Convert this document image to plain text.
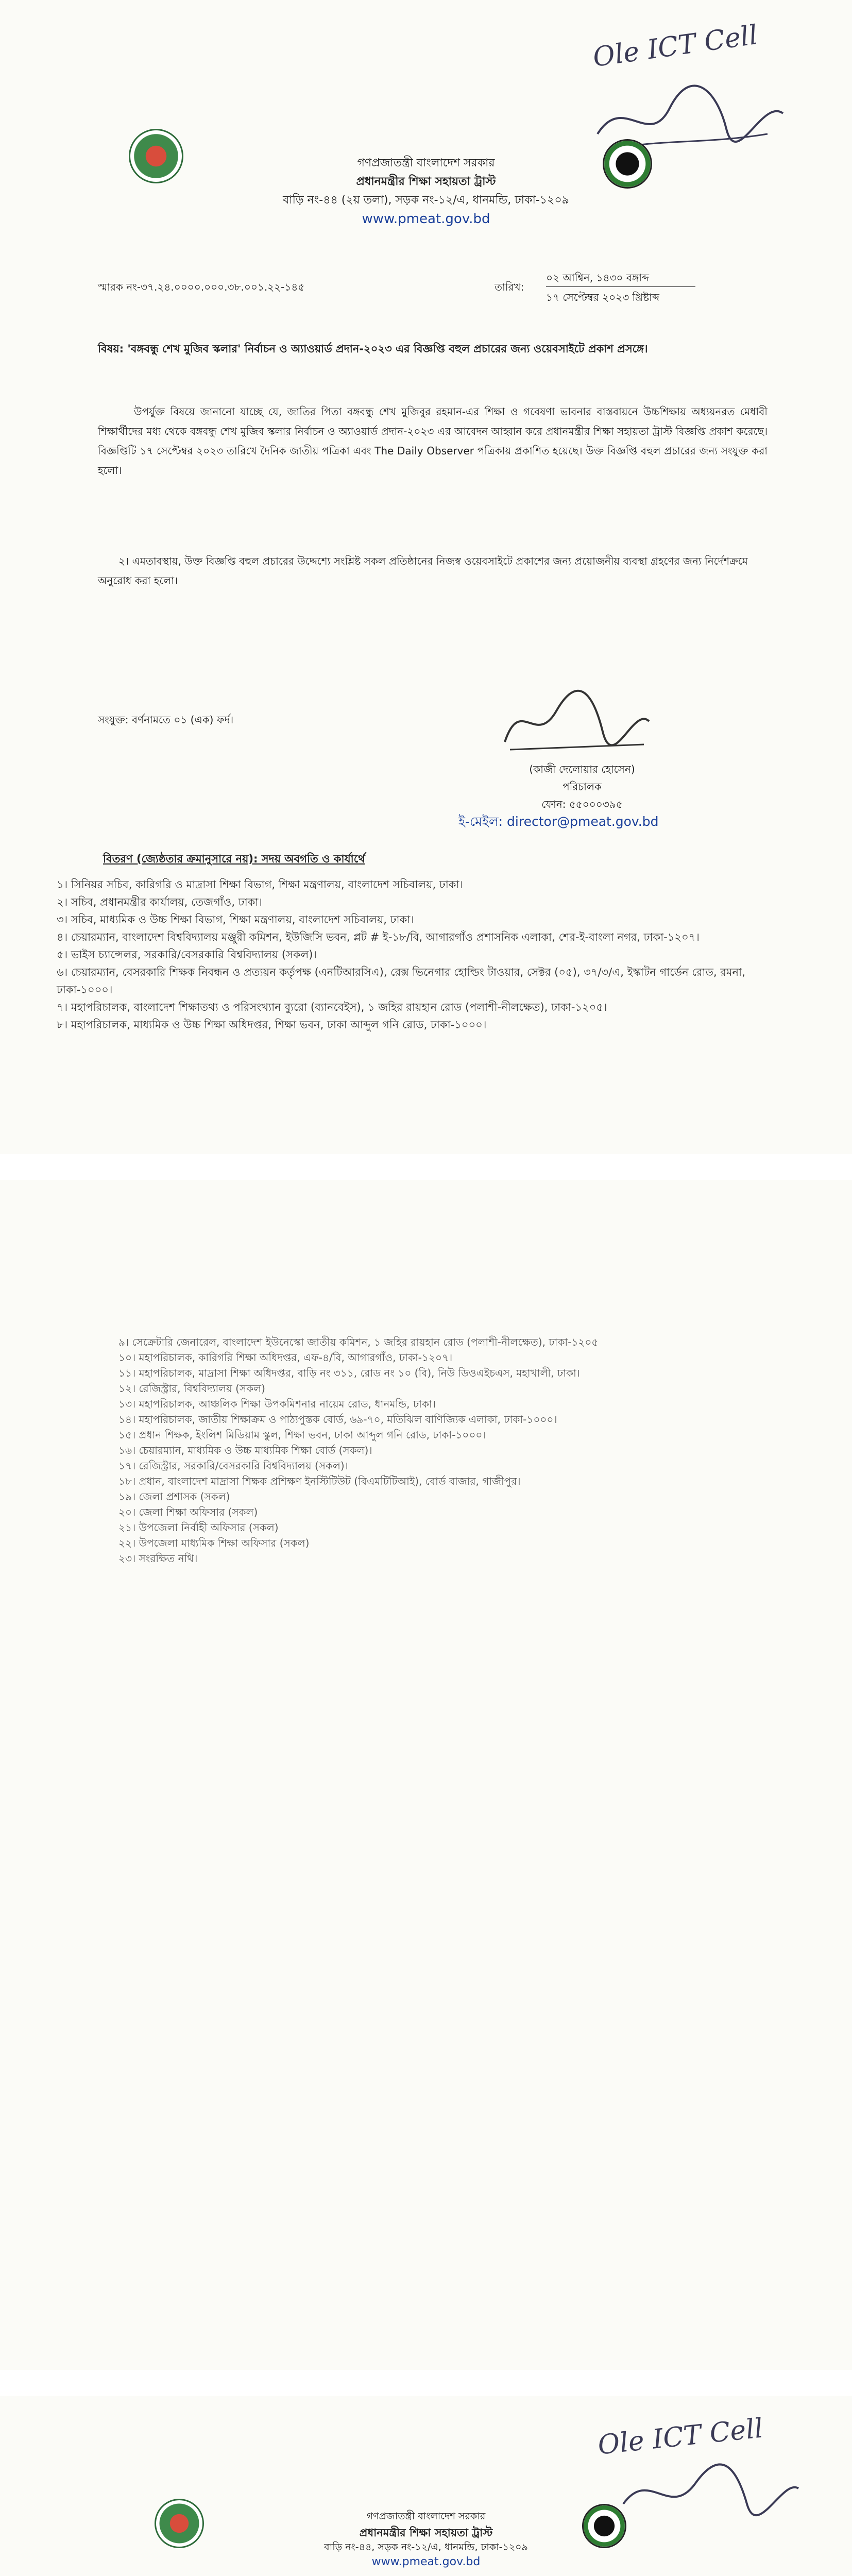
Ole ICT Cell
গণপ্রজাতন্ত্রী বাংলাদেশ সরকার
প্রধানমন্ত্রীর শিক্ষা সহায়তা ট্রাস্ট
বাড়ি নং-৪৪ (২য় তলা), সড়ক নং-১২/এ, ধানমন্ডি, ঢাকা-১২০৯
www.pmeat.gov.bd
স্মারক নং-৩৭.২৪.০০০০.০০০.৩৮.০০১.২২-১৪৫	তারিখ:
০২ আশ্বিন, ১৪৩০ বঙ্গাব্দ
১৭ সেপ্টেম্বর ২০২৩ খ্রিষ্টাব্দ
বিষয়: 'বঙ্গবন্ধু শেখ মুজিব স্কলার' নির্বাচন ও অ্যাওয়ার্ড প্রদান-২০২৩ এর বিজ্ঞপ্তি বহুল প্রচারের জন্য ওয়েবসাইটে প্রকাশ প্রসঙ্গে।
উপর্যুক্ত বিষয়ে জানানো যাচ্ছে যে, জাতির পিতা বঙ্গবন্ধু শেখ মুজিবুর রহমান-এর শিক্ষা ও গবেষণা ভাবনার বাস্তবায়নে উচ্চশিক্ষায় অধ্যয়নরত মেধাবী শিক্ষার্থীদের মধ্য থেকে বঙ্গবন্ধু শেখ মুজিব স্কলার নির্বাচন ও অ্যাওয়ার্ড প্রদান-২০২৩ এর আবেদন আহ্বান করে প্রধানমন্ত্রীর শিক্ষা সহায়তা ট্রাস্ট বিজ্ঞপ্তি প্রকাশ করেছে। বিজ্ঞপ্তিটি ১৭ সেপ্টেম্বর ২০২৩ তারিখে দৈনিক জাতীয় পত্রিকা এবং The Daily Observer পত্রিকায় প্রকাশিত হয়েছে। উক্ত বিজ্ঞপ্তি বহুল প্রচারের জন্য সংযুক্ত করা হলো।
২। এমতাবস্থায়, উক্ত বিজ্ঞপ্তি বহুল প্রচারের উদ্দেশ্যে সংশ্লিষ্ট সকল প্রতিষ্ঠানের নিজস্ব ওয়েবসাইটে প্রকাশের জন্য প্রয়োজনীয় ব্যবস্থা গ্রহণের জন্য নির্দেশক্রমে অনুরোধ করা হলো।
সংযুক্ত: বর্ণনামতে ০১ (এক) ফর্দ।
(কাজী দেলোয়ার হোসেন)
পরিচালক
ফোন: ৫৫০০০৩৯৫
ই-মেইল: director@pmeat.gov.bd
বিতরণ (জ্যেষ্ঠতার ক্রমানুসারে নয়): সদয় অবগতি ও কার্যার্থে
১। সিনিয়র সচিব, কারিগরি ও মাদ্রাসা শিক্ষা বিভাগ, শিক্ষা মন্ত্রণালয়, বাংলাদেশ সচিবালয়, ঢাকা।
২। সচিব, প্রধানমন্ত্রীর কার্যালয়, তেজগাঁও, ঢাকা।
৩। সচিব, মাধ্যমিক ও উচ্চ শিক্ষা বিভাগ, শিক্ষা মন্ত্রণালয়, বাংলাদেশ সচিবালয়, ঢাকা।
৪। চেয়ারম্যান, বাংলাদেশ বিশ্ববিদ্যালয় মঞ্জুরী কমিশন, ইউজিসি ভবন, প্লট # ই-১৮/বি, আগারগাঁও প্রশাসনিক এলাকা, শের-ই-বাংলা নগর, ঢাকা-১২০৭।
৫। ভাইস চ্যান্সেলর, সরকারি/বেসরকারি বিশ্ববিদ্যালয় (সকল)।
৬। চেয়ারম্যান, বেসরকারি শিক্ষক নিবন্ধন ও প্রত্যয়ন কর্তৃপক্ষ (এনটিআরসিএ), রেক্স ভিনেগার হোল্ডিং টাওয়ার, সেক্টর (০৫), ৩৭/৩/এ, ইস্কাটন গার্ডেন রোড, রমনা, ঢাকা-১০০০।
৭। মহাপরিচালক, বাংলাদেশ শিক্ষাতথ্য ও পরিসংখ্যান ব্যুরো (ব্যানবেইস), ১ জহির রায়হান রোড (পলাশী-নীলক্ষেত), ঢাকা-১২০৫।
৮। মহাপরিচালক, মাধ্যমিক ও উচ্চ শিক্ষা অধিদপ্তর, শিক্ষা ভবন, ঢাকা আব্দুল গনি রোড, ঢাকা-১০০০।
৯। সেক্রেটারি জেনারেল, বাংলাদেশ ইউনেস্কো জাতীয় কমিশন, ১ জহির রায়হান রোড (পলাশী-নীলক্ষেত), ঢাকা-১২০৫
১০। মহাপরিচালক, কারিগরি শিক্ষা অধিদপ্তর, এফ-৪/বি, আগারগাঁও, ঢাকা-১২০৭।
১১। মহাপরিচালক, মাদ্রাসা শিক্ষা অধিদপ্তর, বাড়ি নং ৩১১, রোড নং ১০ (বি), নিউ ডিওএইচএস, মহাখালী, ঢাকা।
১২। রেজিস্ট্রার, বিশ্ববিদ্যালয় (সকল)
১৩। মহাপরিচালক, আঞ্চলিক শিক্ষা উপকমিশনার নায়েম রোড, ধানমন্ডি, ঢাকা।
১৪। মহাপরিচালক, জাতীয় শিক্ষাক্রম ও পাঠ্যপুস্তক বোর্ড, ৬৯-৭০, মতিঝিল বাণিজ্যিক এলাকা, ঢাকা-১০০০।
১৫। প্রধান শিক্ষক, ইংলিশ মিডিয়াম স্কুল, শিক্ষা ভবন, ঢাকা আব্দুল গনি রোড, ঢাকা-১০০০।
১৬। চেয়ারম্যান, মাধ্যমিক ও উচ্চ মাধ্যমিক শিক্ষা বোর্ড (সকল)।
১৭। রেজিস্ট্রার, সরকারি/বেসরকারি বিশ্ববিদ্যালয় (সকল)।
১৮। প্রধান, বাংলাদেশ মাদ্রাসা শিক্ষক প্রশিক্ষণ ইনস্টিটিউট (বিএমটিটিআই), বোর্ড বাজার, গাজীপুর।
১৯। জেলা প্রশাসক (সকল)
২০। জেলা শিক্ষা অফিসার (সকল)
২১। উপজেলা নির্বাহী অফিসার (সকল)
২২। উপজেলা মাধ্যমিক শিক্ষা অফিসার (সকল)
২৩। সংরক্ষিত নথি।
Ole ICT Cell
গণপ্রজাতন্ত্রী বাংলাদেশ সরকার
প্রধানমন্ত্রীর শিক্ষা সহায়তা ট্রাস্ট
বাড়ি নং-৪৪, সড়ক নং-১২/এ, ধানমন্ডি, ঢাকা-১২০৯
www.pmeat.gov.bd
